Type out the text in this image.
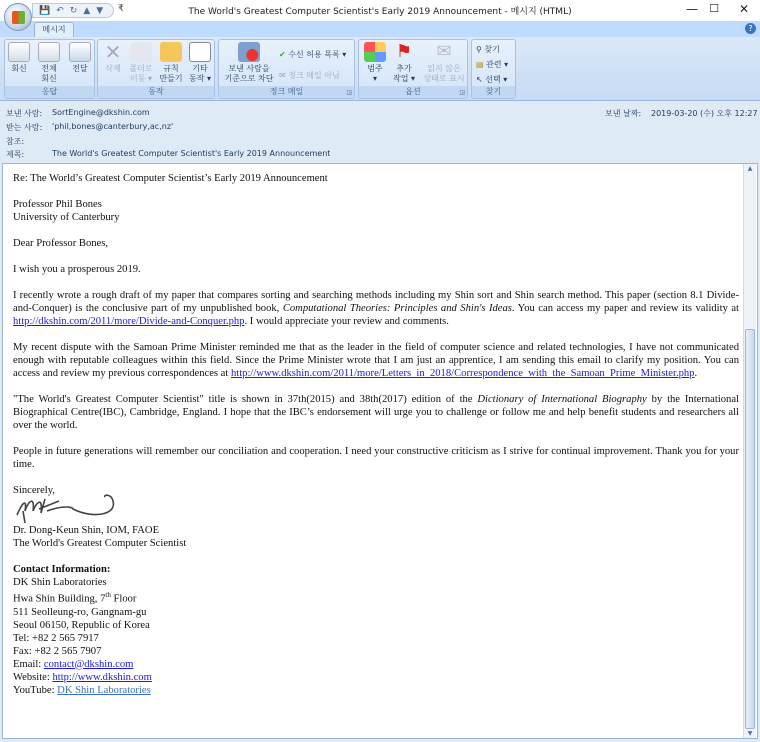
The World's Greatest Computer Scientist's Early 2019 Announcement - 메시지 (HTML)
💾 ↶ ↻ ▲ ▼ ₹	—	☐	✕
메시지	?
회신	전체
회신
전달
응답
✕
삭제	폴더로
이동 ▾
규칙
만들기
기타
동작 ▾
동작
보낸 사람을
기준으로 차단
✔ 수신 허용 목록 ▾
✉ 정크 메일 아님
정크 메일	◲
범주
▾
⚑
추가
작업 ▾
✉
읽지 않은
상태로 표시
옵션	◲
⚲ 찾기
▤ 관련 ▾
↖ 선택 ▾
찾기
보낸 사람: SortEngine@dkshin.com
받는 사람: 'phil,bones@canterbury,ac,nz'
참조:
제목:	The World's Greatest Computer Scientist's Early 2019 Announcement
보낸 날짜: 2019-03-20 (수) 오후 12:27

Re: The World’s Greatest Computer Scientist’s Early 2019 Announcement

Professor Phil Bones
University of Canterbury

Dear Professor Bones,

I wish you a prosperous 2019.

I recently wrote a rough draft of my paper that compares sorting and searching methods including my Shin sort and Shin search method. This paper (section 8.1 Divide-and-Conquer) is the conclusive part of my unpublished book, Computational Theories: Principles and Shin's Ideas. You can access my paper and review its validity at http://dkshin.com/2011/more/Divide-and-Conquer.php. I would appreciate your review and comments.

My recent dispute with the Samoan Prime Minister reminded me that as the leader in the field of computer science and related technologies, I have not communicated enough with reputable colleagues within this field. Since the Prime Minister wrote that I am just an apprentice, I am sending this email to clarify my position. You can access and review my previous correspondences at http://www.dkshin.com/2011/more/Letters_in_2018/Correspondence_with_the_Samoan_Prime_Minister.php.

"The World's Greatest Computer Scientist" title is shown in 37th(2015) and 38th(2017) edition of the Dictionary of International Biography by the International Biographical Centre(IBC), Cambridge, England. I hope that the IBC’s endorsement will urge you to challenge or follow me and help benefit students and researchers all over the world.

People in future generations will remember our conciliation and cooperation. I need your constructive criticism as I strive for continual improvement. Thank you for your time.

Sincerely,
Dr. Dong-Keun Shin, IOM, FAOE

The World's Greatest Computer Scientist

Contact Information:
DK Shin Laboratories
Hwa Shin Building, 7th Floor
511 Seolleung-ro, Gangnam-gu
Seoul 06150, Republic of Korea
Tel: +82 2 565 7917
Fax: +82 2 565 7907
Email: contact@dkshin.com
Website: http://www.dkshin.com
YouTube: DK Shin Laboratories
▲
▼
